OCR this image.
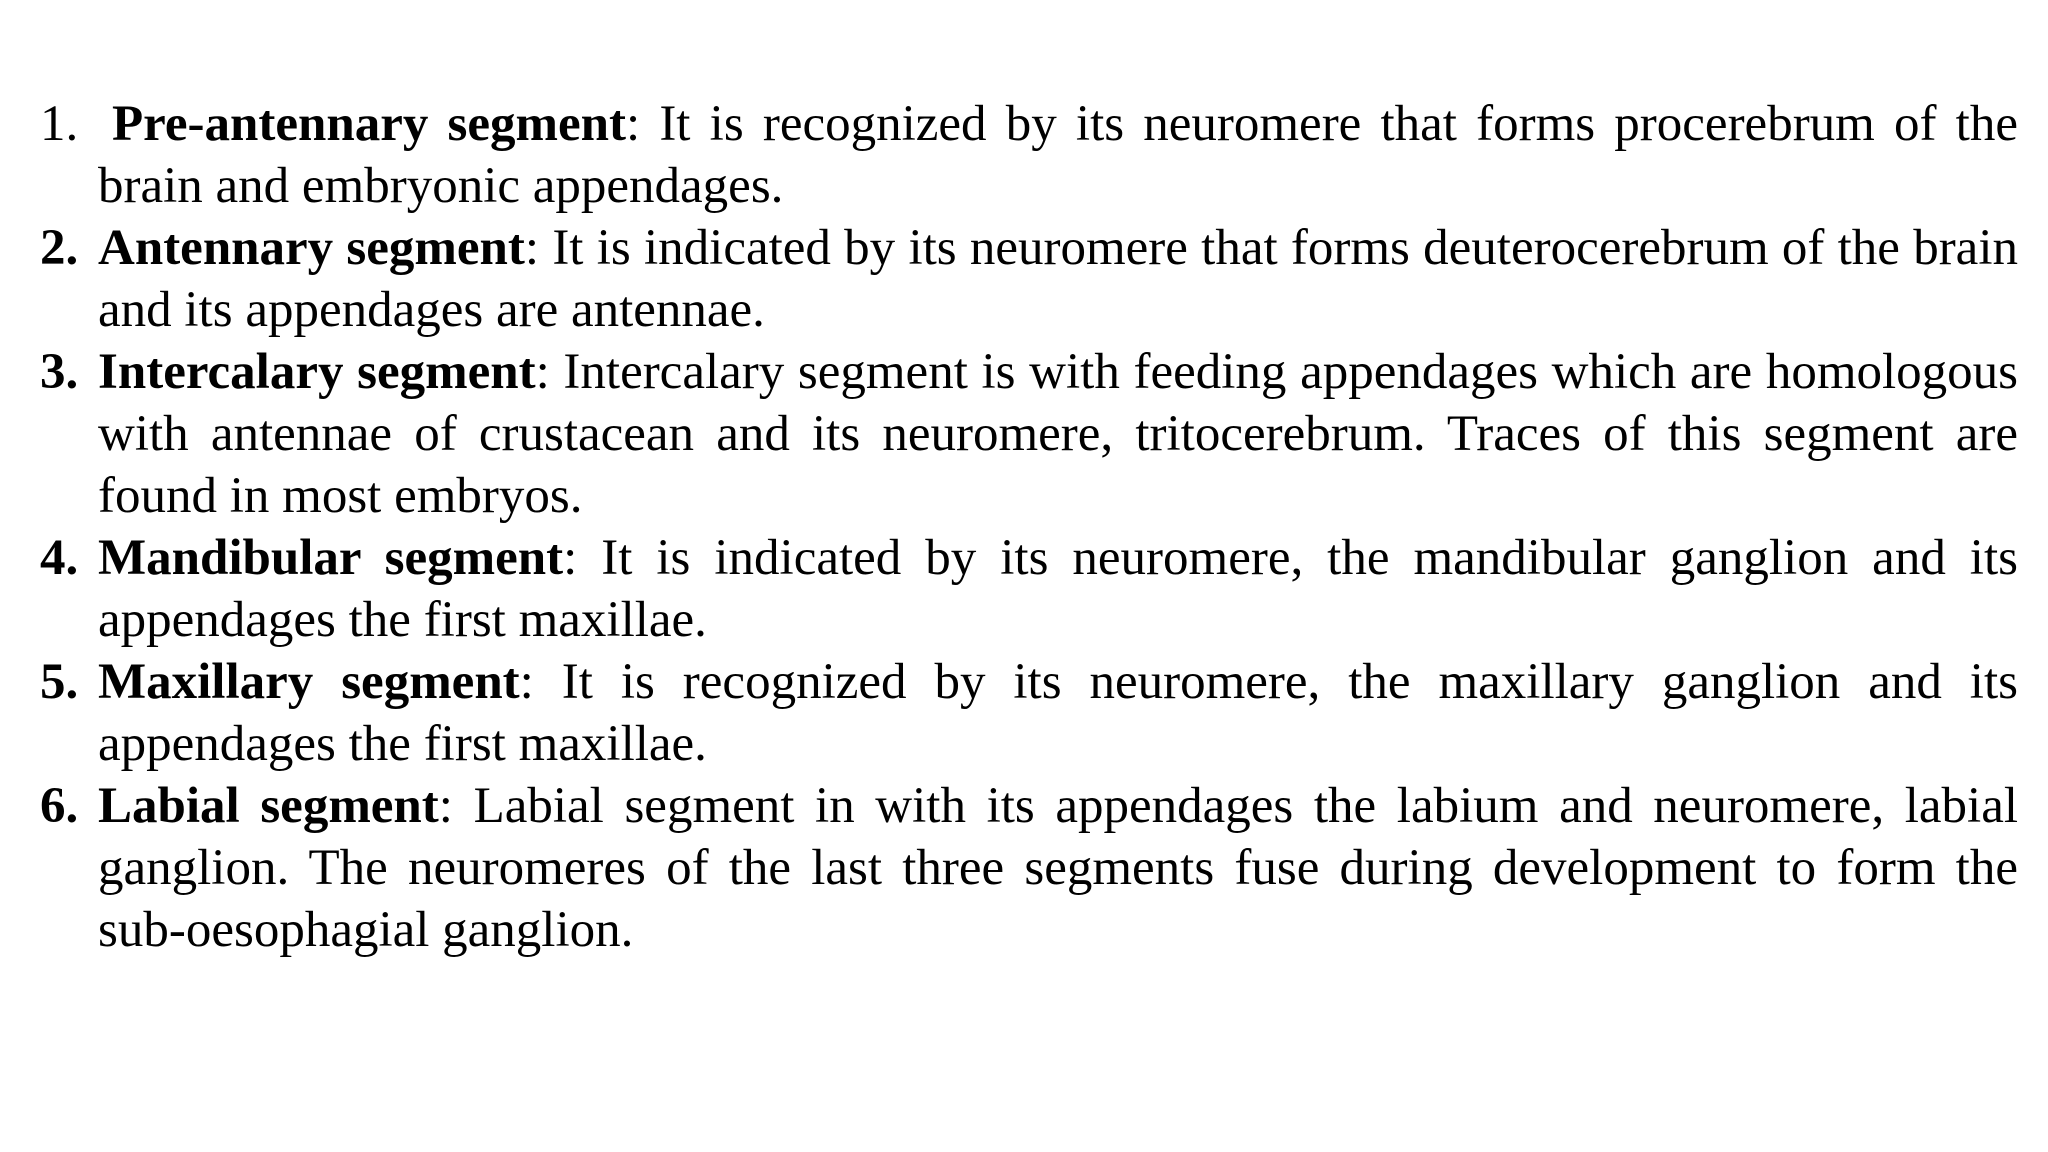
1. Pre-antennary segment: It is recognized by its neuromere that forms procerebrum of the brain and embryonic appendages.
2. Antennary segment: It is indicated by its neuromere that forms deuterocerebrum of the brain and its appendages are antennae.
3. Intercalary segment: Intercalary segment is with feeding appendages which are homologous with antennae of crustacean and its neuromere, tritocerebrum. Traces of this segment are found in most embryos.
4. Mandibular segment: It is indicated by its neuromere, the mandibular ganglion and its appendages the first maxillae.
5. Maxillary segment: It is recognized by its neuromere, the maxillary ganglion and its appendages the first maxillae.
6. Labial segment: Labial segment in with its appendages the labium and neuromere, labial ganglion. The neuromeres of the last three segments fuse during development to form the sub-oesophagial ganglion.
